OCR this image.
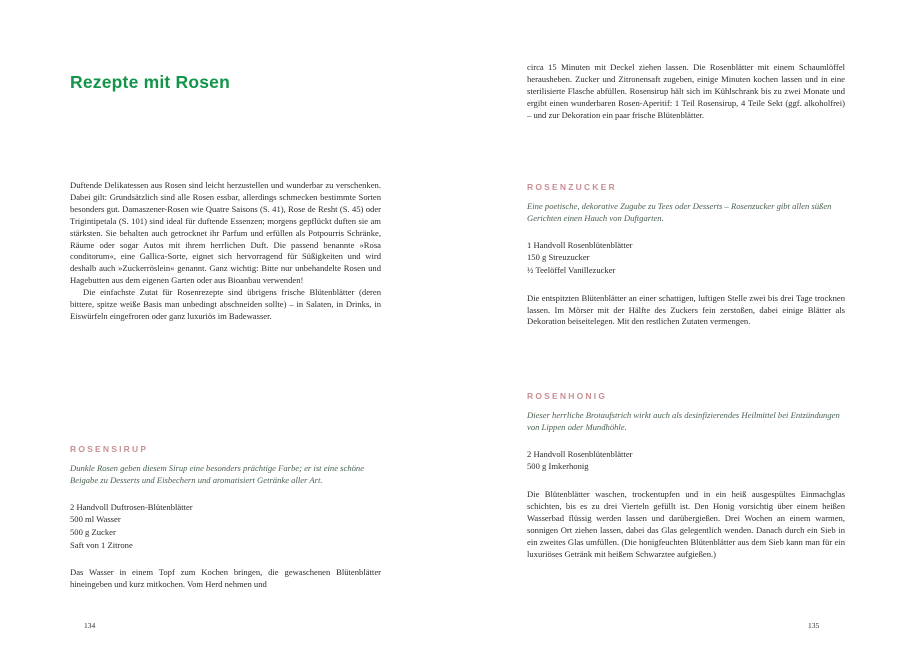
Rezepte mit Rosen

Duftende Delikatessen aus Rosen sind leicht herzustellen und wunderbar zu verschenken. Dabei gilt: Grundsätzlich sind alle Rosen essbar, allerdings schmecken bestimmte Sorten besonders gut. Damaszener-Rosen wie Quatre Saisons (S. 41), Rose de Resht (S. 45) oder Trigintipetala (S. 101) sind ideal für duftende Essenzen; morgens gepflückt duften sie am stärksten. Sie behalten auch getrocknet ihr Parfum und erfüllen als Potpourris Schränke, Räume oder sogar Autos mit ihrem herrlichen Duft. Die passend benannte »Rosa conditorum«, eine Gallica-Sorte, eignet sich hervorragend für Süßigkeiten und wird deshalb auch »Zuckerröslein« genannt. Ganz wichtig: Bitte nur unbehandelte Rosen und Hagebutten aus dem eigenen Garten oder aus Bioanbau verwenden!

Die einfachste Zutat für Rosenrezepte sind übrigens frische Blütenblätter (deren bittere, spitze weiße Basis man unbedingt abschneiden sollte) – in Salaten, in Drinks, in Eiswürfeln eingefroren oder ganz luxuriös im Badewasser.

ROSENSIRUP

Dunkle Rosen geben diesem Sirup eine besonders prächtige Farbe; er ist eine schöne Beigabe zu Desserts und Eisbechern und aromatisiert Getränke aller Art.

2 Handvoll Duftrosen-Blütenblätter
500 ml Wasser
500 g Zucker
Saft von 1 Zitrone

Das Wasser in einem Topf zum Kochen bringen, die gewaschenen Blütenblätter hineingeben und kurz mitkochen. Vom Herd nehmen und

134
circa 15 Minuten mit Deckel ziehen lassen. Die Rosenblätter mit einem Schaumlöffel herausheben. Zucker und Zitronensaft zugeben, einige Minuten kochen lassen und in eine sterilisierte Flasche abfüllen. Rosensirup hält sich im Kühlschrank bis zu zwei Monate und ergibt einen wunderbaren Rosen-Aperitif: 1 Teil Rosensirup, 4 Teile Sekt (ggf. alkoholfrei) – und zur Dekoration ein paar frische Blütenblätter.
ROSENZUCKER

Eine poetische, dekorative Zugabe zu Tees oder Desserts – Rosenzucker gibt allen süßen Gerichten einen Hauch von Duftgarten.

1 Handvoll Rosenblütenblätter
150 g Streuzucker
½ Teelöffel Vanillezucker

Die entspitzten Blütenblätter an einer schattigen, luftigen Stelle zwei bis drei Tage trocknen lassen. Im Mörser mit der Hälfte des Zuckers fein zerstoßen, dabei einige Blätter als Dekoration beiseitelegen. Mit den restlichen Zutaten vermengen.

ROSENHONIG

Dieser herrliche Brotaufstrich wirkt auch als desinfizierendes Heilmittel bei Entzündungen von Lippen oder Mundhöhle.

2 Handvoll Rosenblütenblätter
500 g Imkerhonig

Die Blütenblätter waschen, trockentupfen und in ein heiß ausgespültes Einmachglas schichten, bis es zu drei Vierteln gefüllt ist. Den Honig vorsichtig über einem heißen Wasserbad flüssig werden lassen und darübergießen. Drei Wochen an einem warmen, sonnigen Ort ziehen lassen, dabei das Glas gelegentlich wenden. Danach durch ein Sieb in ein zweites Glas umfüllen. (Die honigfeuchten Blütenblätter aus dem Sieb kann man für ein luxuriöses Getränk mit heißem Schwarztee aufgießen.)

135
